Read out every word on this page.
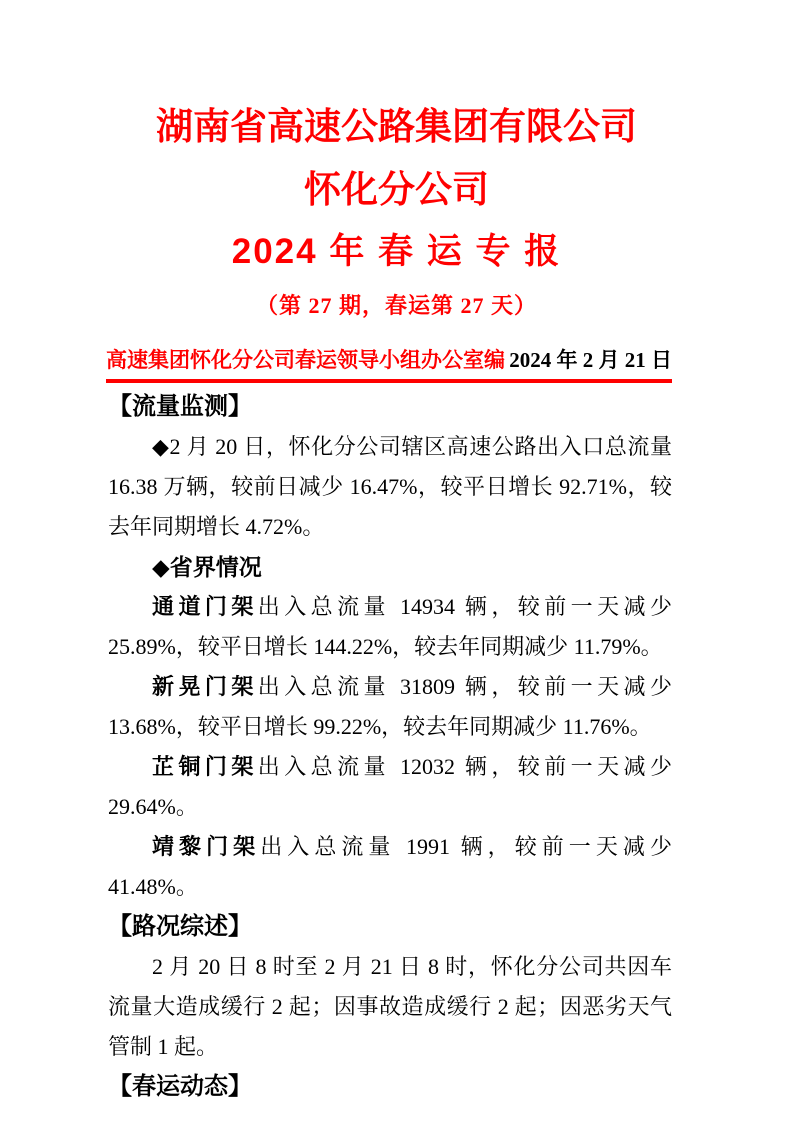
湖南省高速公路集团有限公司
怀化分公司
2024 年 春 运 专 报
（第 27 期，春运第 27 天）
高速集团怀化分公司春运领导小组办公室编 2024 年 2 月 21 日
【流量监测】

◆2 月 20 日，怀化分公司辖区高速公路出入口总流量 16.38 万辆，较前日减少 16.47%，较平日增长 92.71%，较去年同期增长 4.72%。

◆省界情况

通道门架出入总流量 14934 辆，较前一天减少 25.89%，较平日增长 144.22%，较去年同期减少 11.79%。

新晃门架出入总流量 31809 辆，较前一天减少 13.68%，较平日增长 99.22%，较去年同期减少 11.76%。

芷铜门架出入总流量 12032 辆，较前一天减少 29.64%。

靖黎门架出入总流量 1991 辆，较前一天减少 41.48%。

【路况综述】

2 月 20 日 8 时至 2 月 21 日 8 时，怀化分公司共因车流量大造成缓行 2 起；因事故造成缓行 2 起；因恶劣天气管制 1 起。

【春运动态】
